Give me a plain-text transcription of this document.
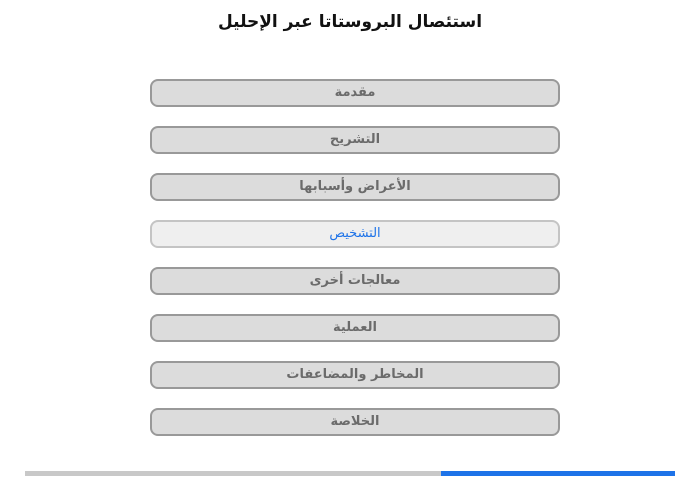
استئصال البروستاتا عبر الإحليل
مقدمة
التشريح
الأعراض وأسبابها
التشخيص
معالجات أخرى
العملية
المخاطر والمضاعفات
الخلاصة
